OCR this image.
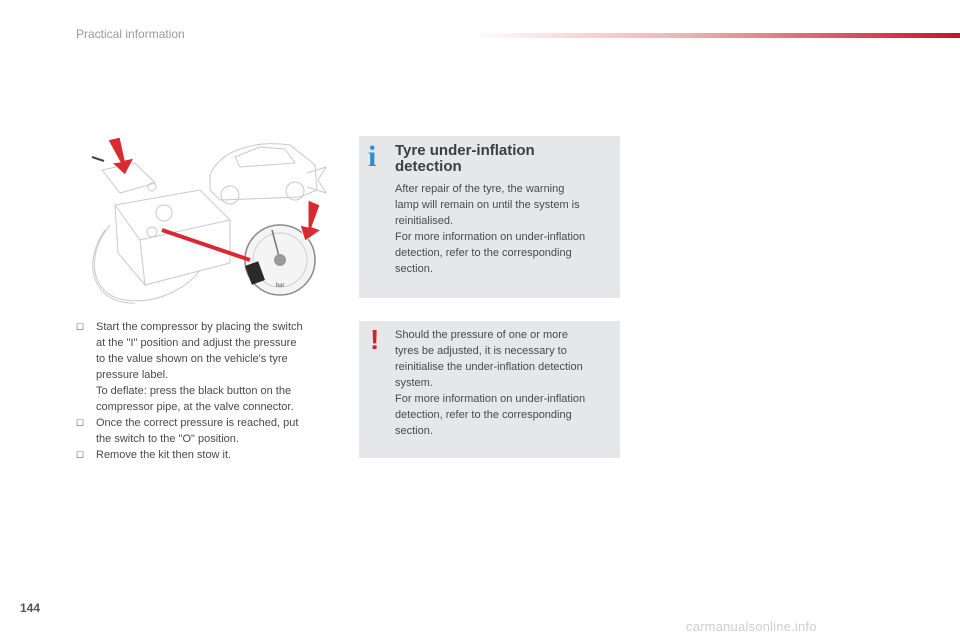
Practical information
bar
☐ Start the compressor by placing the switch

at the "I" position and adjust the pressure

to the value shown on the vehicle's tyre

pressure label.

To deflate: press the black button on the

compressor pipe, at the valve connector.

☐ Once the correct pressure is reached, put

the switch to the "O" position.

☐ Remove the kit then stow it.

i Tyre under-inflation
detection

After repair of the tyre, the warning

lamp will remain on until the system is

reinitialised.

For more information on under-inflation

detection, refer to the corresponding

section.

! Should the pressure of one or more

tyres be adjusted, it is necessary to

reinitialise the under-inflation detection

system.

For more information on under-inflation

detection, refer to the corresponding

section.

144
carmanualsonline.info
